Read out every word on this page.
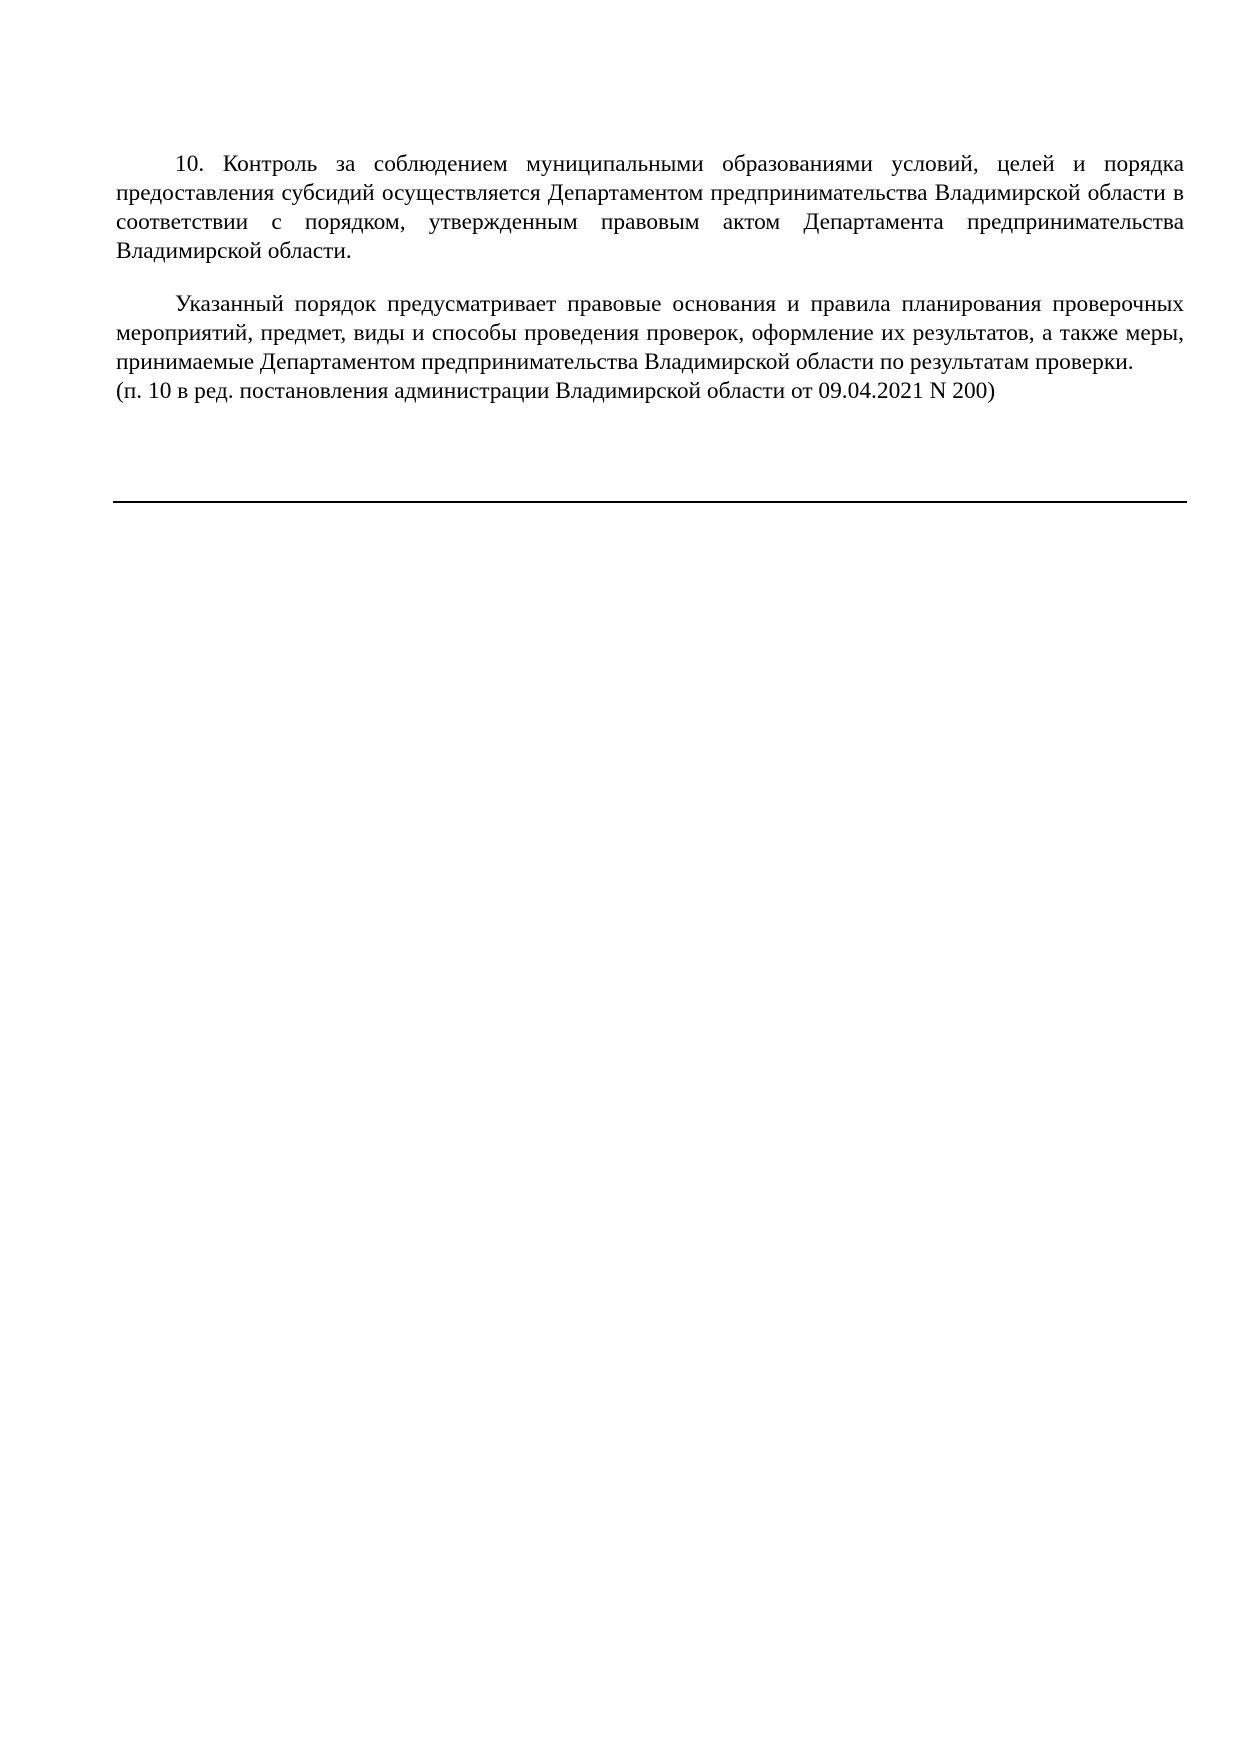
10. Контроль за соблюдением муниципальными образованиями условий, целей и порядка предоставления субсидий осуществляется Департаментом предпринимательства Владимирской области в соответствии с порядком, утвержденным правовым актом Департамента предпринимательства Владимирской области.

Указанный порядок предусматривает правовые основания и правила планирования проверочных мероприятий, предмет, виды и способы проведения проверок, оформление их результатов, а также меры, принимаемые Департаментом предпринимательства Владимирской области по результатам проверки.

(п. 10 в ред. постановления администрации Владимирской области от 09.04.2021 N 200)
